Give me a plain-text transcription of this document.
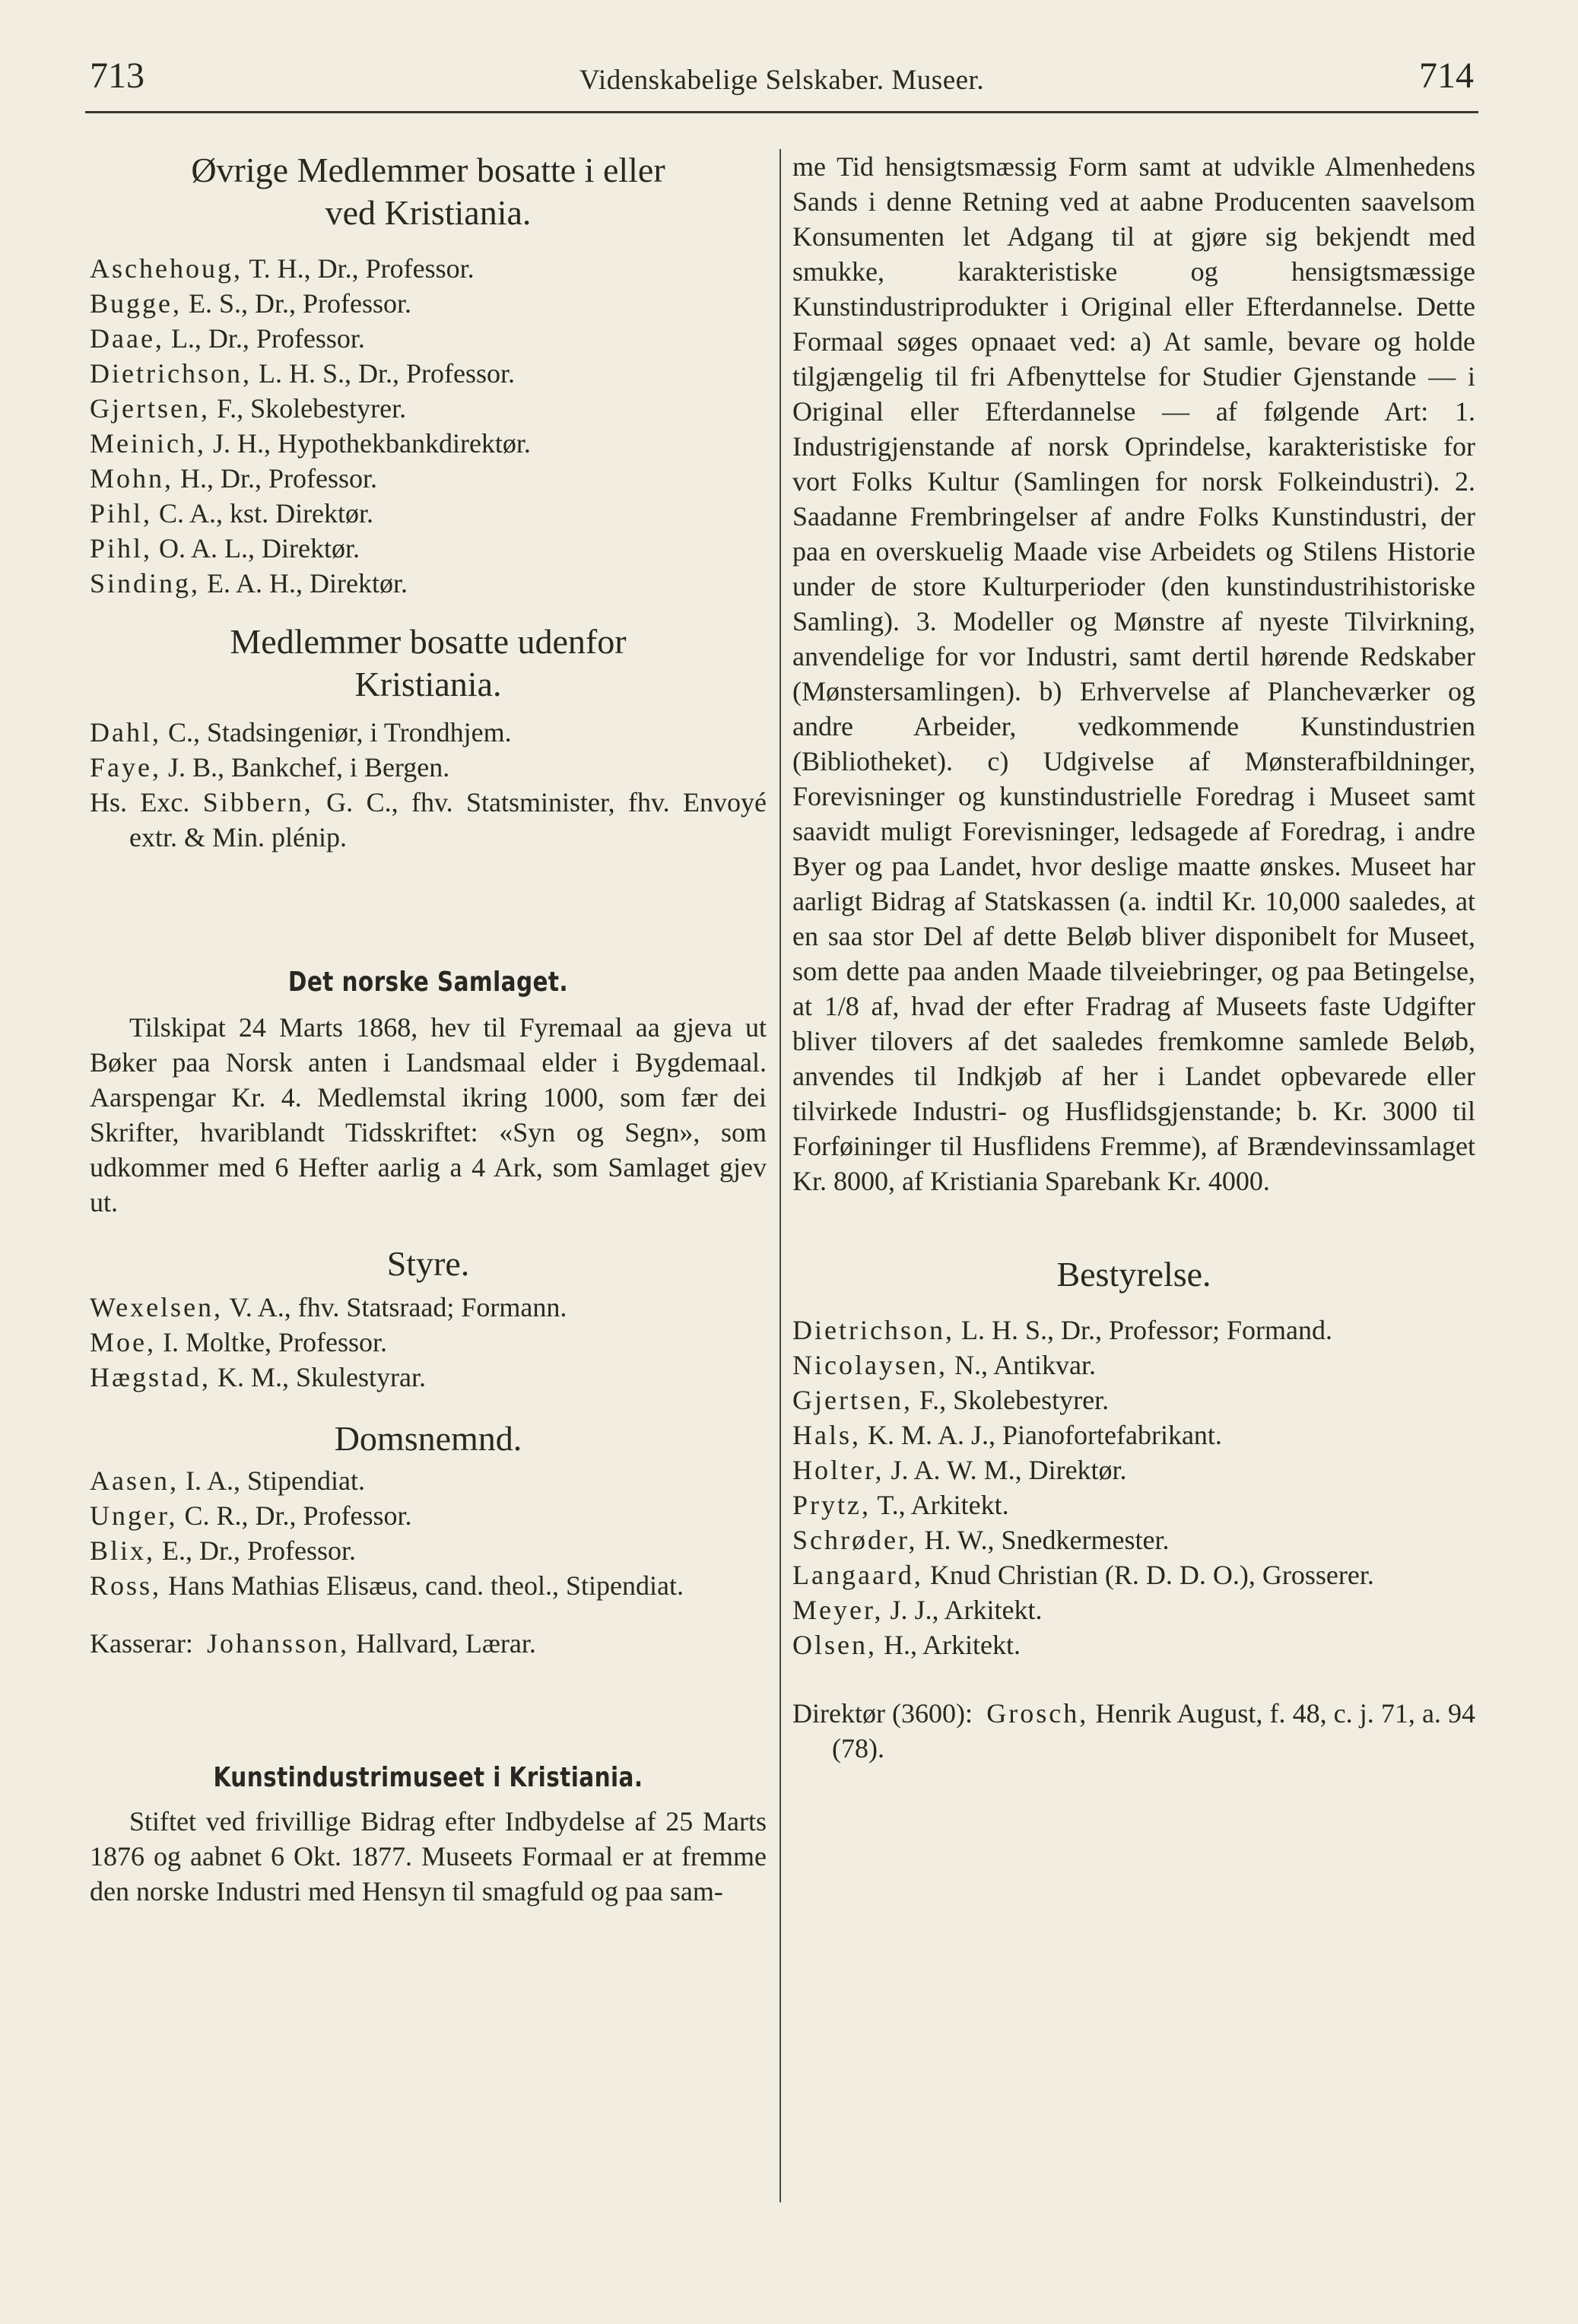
713	Videnskabelige Selskaber. Museer.	714
Øvrige Medlemmer bosatte i eller
ved Kristiania.
Aschehoug, T. H., Dr., Professor.
Bugge, E. S., Dr., Professor.
Daae, L., Dr., Professor.
Dietrichson, L. H. S., Dr., Professor.
Gjertsen, F., Skolebestyrer.
Meinich, J. H., Hypothekbankdirektør.
Mohn, H., Dr., Professor.
Pihl, C. A., kst. Direktør.
Pihl, O. A. L., Direktør.
Sinding, E. A. H., Direktør.
Medlemmer bosatte udenfor
Kristiania.
Dahl, C., Stadsingeniør, i Trondhjem.
Faye, J. B., Bankchef, i Bergen.
Hs. Exc. Sibbern, G. C., fhv. Statsminister, fhv. Envoyé extr. & Min. plénip.
Det norske Samlaget.

Tilskipat 24 Marts 1868, hev til Fyremaal aa gjeva ut Bøker paa Norsk anten i Landsmaal elder i Bygdemaal. Aarspengar Kr. 4. Medlemstal ikring 1000, som fær dei Skrifter, hvariblandt Tidsskriftet: «Syn og Segn», som udkommer med 6 Hefter aarlig a 4 Ark, som Samlaget gjev ut.

Styre.
Wexelsen, V. A., fhv. Statsraad; Formann.
Moe, I. Moltke, Professor.
Hægstad, K. M., Skulestyrar.
Domsnemnd.
Aasen, I. A., Stipendiat.
Unger, C. R., Dr., Professor.
Blix, E., Dr., Professor.
Ross, Hans Mathias Elisæus, cand. theol., Stipendiat.
Kasserar: Johansson, Hallvard, Lærar.
Kunstindustrimuseet i Kristiania.

Stiftet ved frivillige Bidrag efter Indbydelse af 25 Marts 1876 og aabnet 6 Okt. 1877. Museets Formaal er at fremme den norske Industri med Hensyn til smagfuld og paa sam-

me Tid hensigtsmæssig Form samt at udvikle Almenhedens Sands i denne Retning ved at aabne Producenten saavelsom Konsumenten let Adgang til at gjøre sig bekjendt med smukke, karakteristiske og hensigtsmæssige Kunstindustriprodukter i Original eller Efterdannelse. Dette Formaal søges opnaaet ved: a) At samle, bevare og holde tilgjængelig til fri Afbenyttelse for Studier Gjenstande — i Original eller Efterdannelse — af følgende Art: 1. Industrigjenstande af norsk Oprindelse, karakteristiske for vort Folks Kultur (Samlingen for norsk Folkeindustri). 2. Saadanne Frembringelser af andre Folks Kunstindustri, der paa en overskuelig Maade vise Arbeidets og Stilens Historie under de store Kulturperioder (den kunstindustrihistoriske Samling). 3. Modeller og Mønstre af nyeste Tilvirkning, anvendelige for vor Industri, samt dertil hørende Redskaber (Mønstersamlingen). b) Erhvervelse af Plancheværker og andre Arbeider, vedkommende Kunstindustrien (Bibliotheket). c) Udgivelse af Mønsterafbildninger, Forevisninger og kunstindustrielle Foredrag i Museet samt saavidt muligt Forevisninger, ledsagede af Foredrag, i andre Byer og paa Landet, hvor deslige maatte ønskes. Museet har aarligt Bidrag af Statskassen (a. indtil Kr. 10,000 saaledes, at en saa stor Del af dette Beløb bliver disponibelt for Museet, som dette paa anden Maade tilveiebringer, og paa Betingelse, at 1/8 af, hvad der efter Fradrag af Museets faste Udgifter bliver tilovers af det saaledes fremkomne samlede Beløb, anvendes til Indkjøb af her i Landet opbevarede eller tilvirkede Industri- og Husflidsgjenstande; b. Kr. 3000 til Forføininger til Husflidens Fremme), af Brændevinssamlaget Kr. 8000, af Kristiania Sparebank Kr. 4000.

Bestyrelse.
Dietrichson, L. H. S., Dr., Professor; Formand.
Nicolaysen, N., Antikvar.
Gjertsen, F., Skolebestyrer.
Hals, K. M. A. J., Pianofortefabrikant.
Holter, J. A. W. M., Direktør.
Prytz, T., Arkitekt.
Schrøder, H. W., Snedkermester.
Langaard, Knud Christian (R. D. D. O.), Grosserer.
Meyer, J. J., Arkitekt.
Olsen, H., Arkitekt.
Direktør (3600): Grosch, Henrik August, f. 48, c. j. 71, a. 94 (78).
